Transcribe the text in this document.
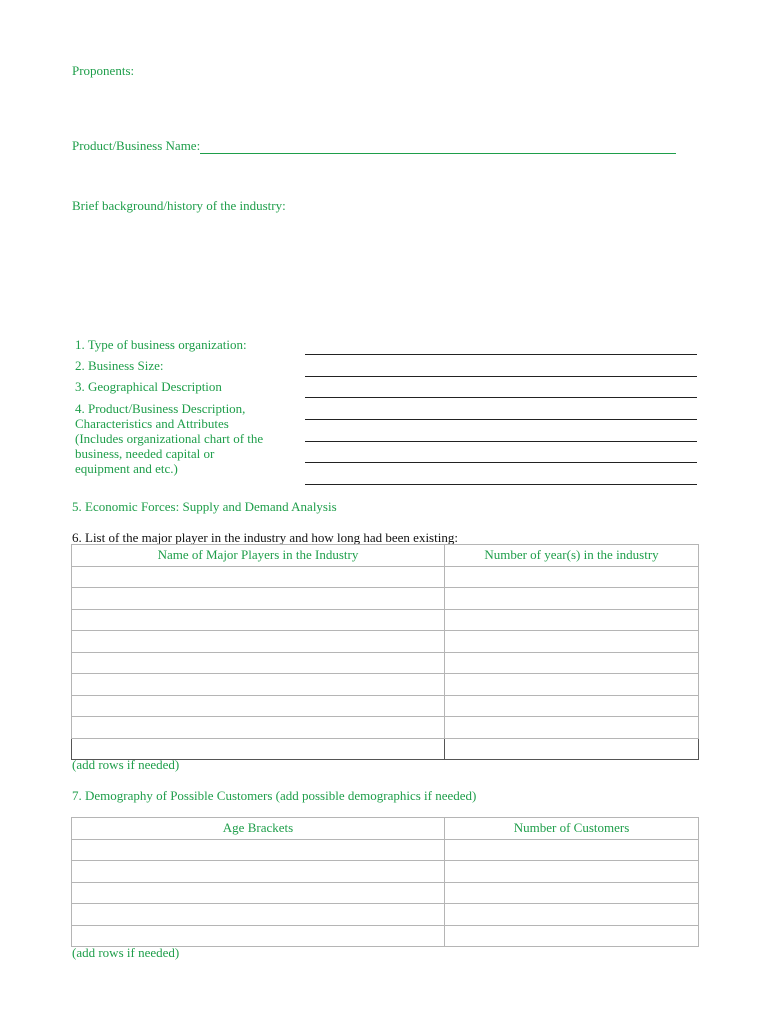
Proponents:
Product/Business Name:
Brief background/history of the industry:
1. Type of business organization:
2. Business Size:
3. Geographical Description
4. Product/Business Description,
Characteristics and Attributes
(Includes organizational chart of the
business, needed capital or
equipment and etc.)
5. Economic Forces: Supply and Demand Analysis
6. List of the major player in the industry and how long had been existing:
Name of Major Players in the Industry	Number of year(s) in the industry

(add rows if needed)
7. Demography of Possible Customers (add possible demographics if needed)
Age Brackets	Number of Customers

(add rows if needed)
